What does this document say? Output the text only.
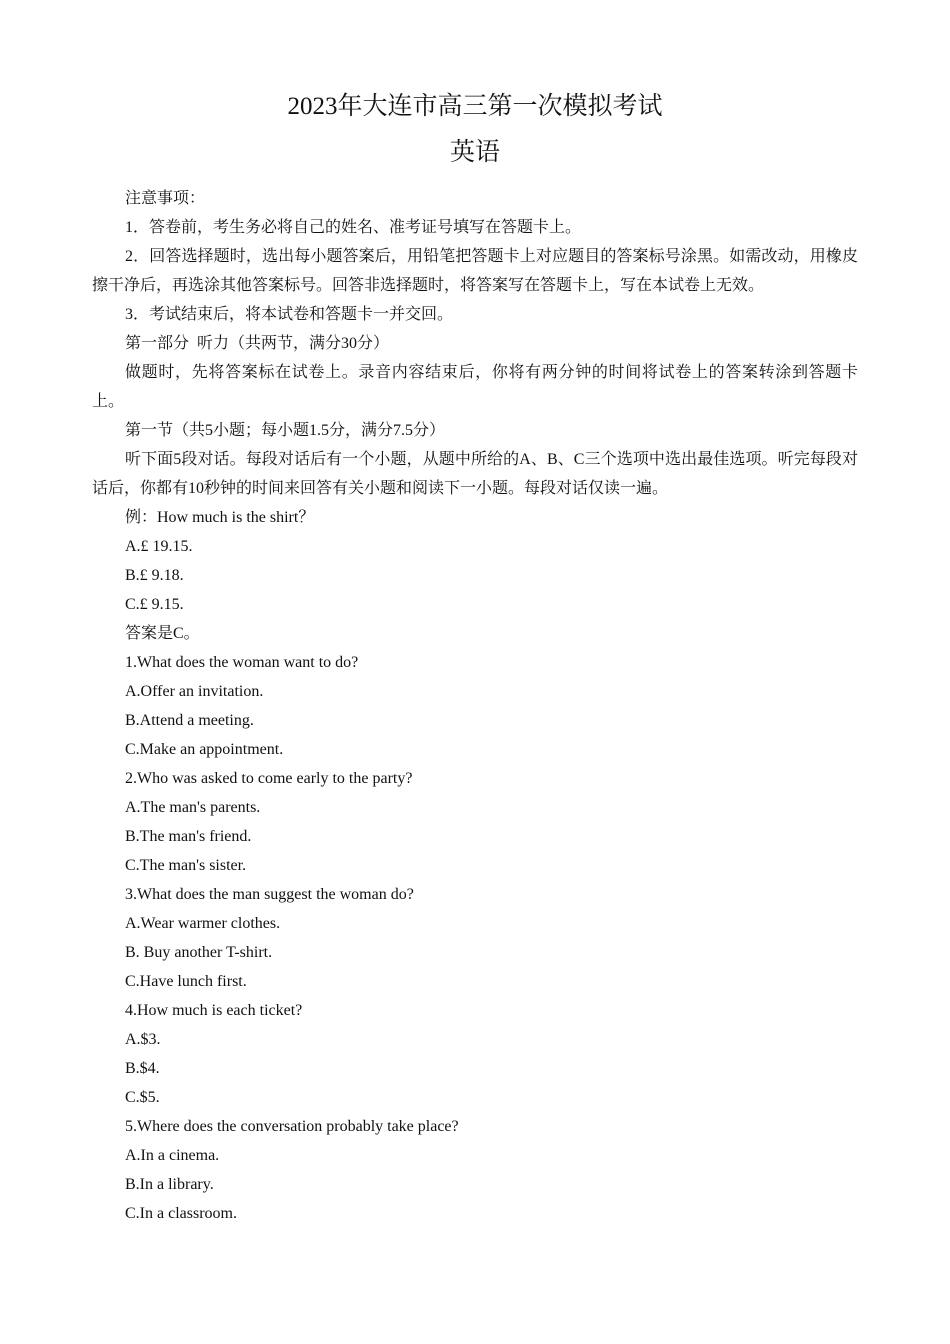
2023年大连市高三第一次模拟考试
英语

注意事项：

1．答卷前，考生务必将自己的姓名、准考证号填写在答题卡上。

2．回答选择题时，选出每小题答案后，用铅笔把答题卡上对应题目的答案标号涂黑。如需改动，用橡皮擦干净后，再选涂其他答案标号。回答非选择题时，将答案写在答题卡上，写在本试卷上无效。

3．考试结束后，将本试卷和答题卡一并交回。

第一部分  听力（共两节，满分30分）

做题时，先将答案标在试卷上。录音内容结束后，你将有两分钟的时间将试卷上的答案转涂到答题卡上。

第一节（共5小题；每小题1.5分，满分7.5分）

听下面5段对话。每段对话后有一个小题，从题中所给的A、B、C三个选项中选出最佳选项。听完每段对话后，你都有10秒钟的时间来回答有关小题和阅读下一小题。每段对话仅读一遍。

例：How much is the shirt？

A.£ 19.15.

B.£ 9.18.

C.£ 9.15.

答案是C。

1.What does the woman want to do?

A.Offer an invitation.

B.Attend a meeting.

C.Make an appointment.

2.Who was asked to come early to the party?

A.The man's parents.

B.The man's friend.

C.The man's sister.

3.What does the man suggest the woman do?

A.Wear warmer clothes.

B. Buy another T-shirt.

C.Have lunch first.

4.How much is each ticket?

A.$3.

B.$4.

C.$5.

5.Where does the conversation probably take place?

A.In a cinema.

B.In a library.

C.In a classroom.
